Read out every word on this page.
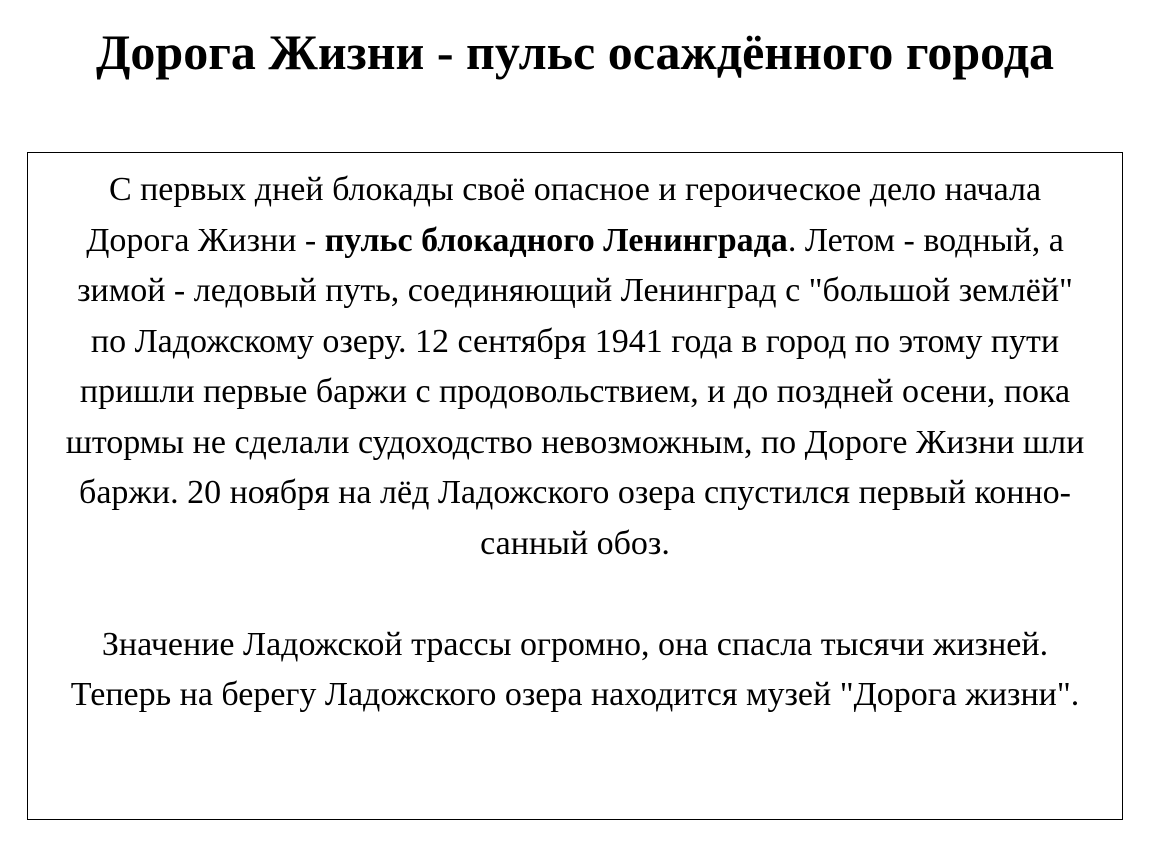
Дорога Жизни - пульс осаждённого города

С первых дней блокады своё опасное и героическое дело начала Дорога Жизни - пульс блокадного Ленинграда. Летом - водный, а зимой - ледовый путь, соединяющий Ленинград с "большой землёй" по Ладожскому озеру. 12 сентября 1941 года в город по этому пути пришли первые баржи с продовольствием, и до поздней осени, пока штормы не сделали судоходство невозможным, по Дороге Жизни шли баржи. 20 ноября на лёд Ладожского озера спустился первый конно-санный обоз.

Значение Ладожской трассы огромно, она спасла тысячи жизней. Теперь на берегу Ладожского озера находится музей "Дорога жизни".
